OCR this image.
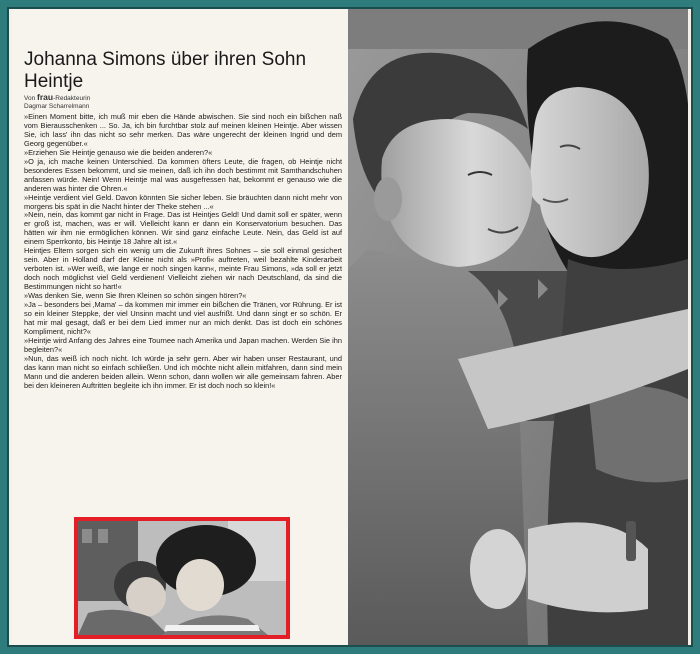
Johanna Simons über ihren Sohn Heintje
Von frau-Redakteurin
Dagmar Scharrelmann

»Einen Moment bitte, ich muß mir eben die Hände abwischen. Sie sind noch ein bißchen naß vom Bierausschenken ... So. Ja, ich bin furchtbar stolz auf meinen kleinen Heintje. Aber wissen Sie, ich lass' ihn das nicht so sehr merken. Das wäre ungerecht der kleinen Ingrid und dem Georg gegenüber.«

»Erziehen Sie Heintje genauso wie die beiden anderen?«

»O ja, ich mache keinen Unterschied. Da kommen öfters Leute, die fragen, ob Heintje nicht besonderes Essen bekommt, und sie meinen, daß ich ihn doch bestimmt mit Samthandschuhen anfassen würde. Nein! Wenn Heintje mal was ausgefressen hat, bekommt er genauso wie die anderen was hinter die Ohren.«

»Heintje verdient viel Geld. Davon könnten Sie sicher leben. Sie bräuchten dann nicht mehr von morgens bis spät in die Nacht hinter der Theke stehen ...«

»Nein, nein, das kommt gar nicht in Frage. Das ist Heintjes Geld! Und damit soll er später, wenn er groß ist, machen, was er will. Vielleicht kann er dann ein Konservatorium besuchen. Das hätten wir ihm nie ermöglichen können. Wir sind ganz einfache Leute. Nein, das Geld ist auf einem Sperrkonto, bis Heintje 18 Jahre alt ist.«

Heintjes Eltern sorgen sich ein wenig um die Zukunft ihres Sohnes – sie soll einmal gesichert sein. Aber in Holland darf der Kleine nicht als »Profi« auftreten, weil bezahlte Kinderarbeit verboten ist. »Wer weiß, wie lange er noch singen kann«, meinte Frau Simons, »da soll er jetzt doch noch möglichst viel Geld verdienen! Vielleicht ziehen wir nach Deutschland, da sind die Bestimmungen nicht so hart!«

»Was denken Sie, wenn Sie Ihren Kleinen so schön singen hören?«

»Ja – besonders bei ‚Mama' – da kommen mir immer ein bißchen die Tränen, vor Rührung. Er ist so ein kleiner Steppke, der viel Unsinn macht und viel ausfrißt. Und dann singt er so schön. Er hat mir mal gesagt, daß er bei dem Lied immer nur an mich denkt. Das ist doch ein schönes Kompliment, nicht?«

»Heintje wird Anfang des Jahres eine Tournee nach Amerika und Japan machen. Werden Sie ihn begleiten?«

»Nun, das weiß ich noch nicht. Ich würde ja sehr gern. Aber wir haben unser Restaurant, und das kann man nicht so einfach schließen. Und ich möchte nicht allein mitfahren, dann sind mein Mann und die anderen beiden allein. Wenn schon, dann wollen wir alle gemeinsam fahren. Aber bei den kleineren Auftritten begleite ich ihn immer. Er ist doch noch so klein!«
